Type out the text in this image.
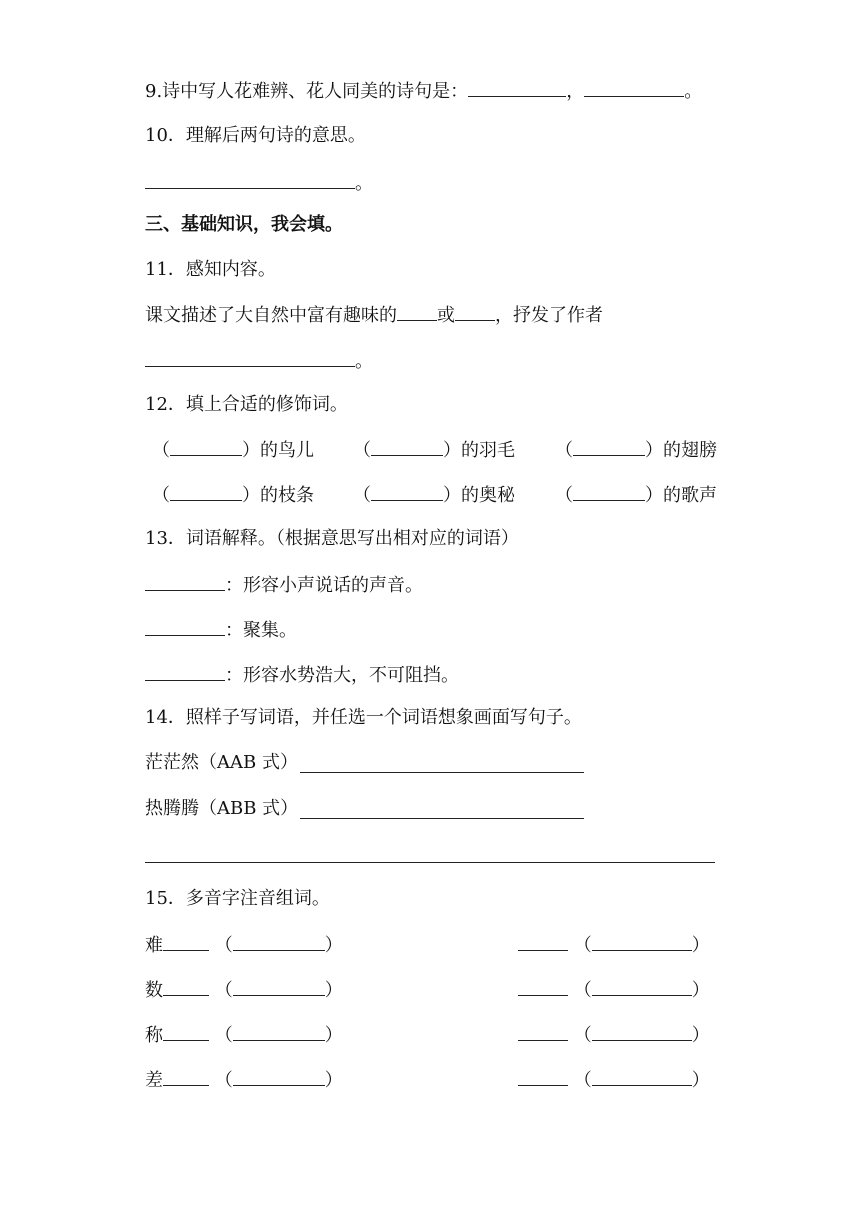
9.诗中写人花难辨、花人同美的诗句是：	，	。
10．理解后两句诗的意思。
。
三、基础知识，我会填。
11．感知内容。
课文描述了大自然中富有趣味的 或 ，抒发了作者
。
12．填上合适的修饰词。
（	）的鸟儿 （	）的羽毛 （	）的翅膀
（	）的枝条 （	）的奥秘 （	）的歌声
13．词语解释。（根据意思写出相对应的词语）
：形容小声说话的声音。
：聚集。
：形容水势浩大，不可阻挡。
14．照样子写词语，并任选一个词语想象画面写句子。
茫茫然（AAB 式）
热腾腾（ABB 式）
15．多音字注音组词。
难	（	）	（	）
数	（	）	（	）
称	（	）	（	）
差	（	）	（	）
